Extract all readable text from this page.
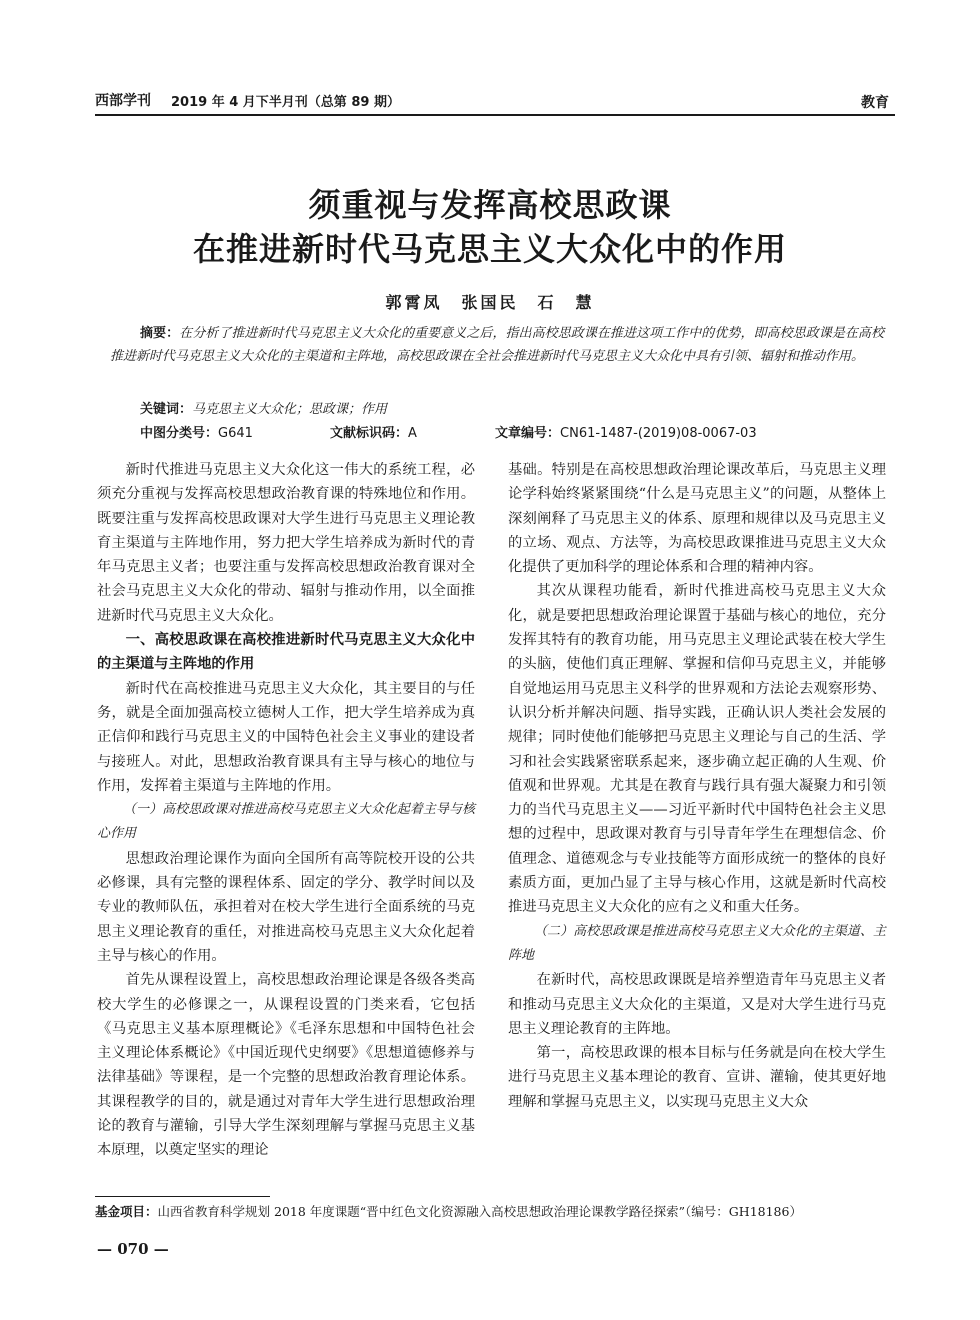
西部学刊 2019 年 4 月下半月刊（总第 89 期）	教育
须重视与发挥高校思政课
在推进新时代马克思主义大众化中的作用
郭霄凤　张国民　石　慧
摘要：在分析了推进新时代马克思主义大众化的重要意义之后，指出高校思政课在推进这项工作中的优势，即高校思政课是在高校推进新时代马克思主义大众化的主渠道和主阵地，高校思政课在全社会推进新时代马克思主义大众化中具有引领、辐射和推动作用。
关键词：马克思主义大众化；思政课；作用
中图分类号：G641	文献标识码：A	文章编号：CN61-1487-(2019)08-0067-03

新时代推进马克思主义大众化这一伟大的系统工程，必须充分重视与发挥高校思想政治教育课的特殊地位和作用。既要注重与发挥高校思政课对大学生进行马克思主义理论教育主渠道与主阵地作用，努力把大学生培养成为新时代的青年马克思主义者；也要注重与发挥高校思想政治教育课对全社会马克思主义大众化的带动、辐射与推动作用，以全面推进新时代马克思主义大众化。

一、高校思政课在高校推进新时代马克思主义大众化中的主渠道与主阵地的作用

新时代在高校推进马克思主义大众化，其主要目的与任务，就是全面加强高校立德树人工作，把大学生培养成为真正信仰和践行马克思主义的中国特色社会主义事业的建设者与接班人。对此，思想政治教育课具有主导与核心的地位与作用，发挥着主渠道与主阵地的作用。

（一）高校思政课对推进高校马克思主义大众化起着主导与核心作用

思想政治理论课作为面向全国所有高等院校开设的公共必修课，具有完整的课程体系、固定的学分、教学时间以及专业的教师队伍，承担着对在校大学生进行全面系统的马克思主义理论教育的重任，对推进高校马克思主义大众化起着主导与核心的作用。

首先从课程设置上，高校思想政治理论课是各级各类高校大学生的必修课之一，从课程设置的门类来看，它包括《马克思主义基本原理概论》《毛泽东思想和中国特色社会主义理论体系概论》《中国近现代史纲要》《思想道德修养与法律基础》等课程，是一个完整的思想政治教育理论体系。其课程教学的目的，就是通过对青年大学生进行思想政治理论的教育与灌输，引导大学生深刻理解与掌握马克思主义基本原理，以奠定坚实的理论

基础。特别是在高校思想政治理论课改革后，马克思主义理论学科始终紧紧围绕“什么是马克思主义”的问题，从整体上深刻阐释了马克思主义的体系、原理和规律以及马克思主义的立场、观点、方法等，为高校思政课推进马克思主义大众化提供了更加科学的理论体系和合理的精神内容。

其次从课程功能看，新时代推进高校马克思主义大众化，就是要把思想政治理论课置于基础与核心的地位，充分发挥其特有的教育功能，用马克思主义理论武装在校大学生的头脑，使他们真正理解、掌握和信仰马克思主义，并能够自觉地运用马克思主义科学的世界观和方法论去观察形势、认识分析并解决问题、指导实践，正确认识人类社会发展的规律；同时使他们能够把马克思主义理论与自己的生活、学习和社会实践紧密联系起来，逐步确立起正确的人生观、价值观和世界观。尤其是在教育与践行具有强大凝聚力和引领力的当代马克思主义——习近平新时代中国特色社会主义思想的过程中，思政课对教育与引导青年学生在理想信念、价值理念、道德观念与专业技能等方面形成统一的整体的良好素质方面，更加凸显了主导与核心作用，这就是新时代高校推进马克思主义大众化的应有之义和重大任务。

（二）高校思政课是推进高校马克思主义大众化的主渠道、主阵地

在新时代，高校思政课既是培养塑造青年马克思主义者和推动马克思主义大众化的主渠道，又是对大学生进行马克思主义理论教育的主阵地。

第一，高校思政课的根本目标与任务就是向在校大学生进行马克思主义基本理论的教育、宣讲、灌输，使其更好地理解和掌握马克思主义，以实现马克思主义大众

基金项目：山西省教育科学规划 2018 年度课题“晋中红色文化资源融入高校思想政治理论课教学路径探索”（编号：GH18186）
— 070 —
